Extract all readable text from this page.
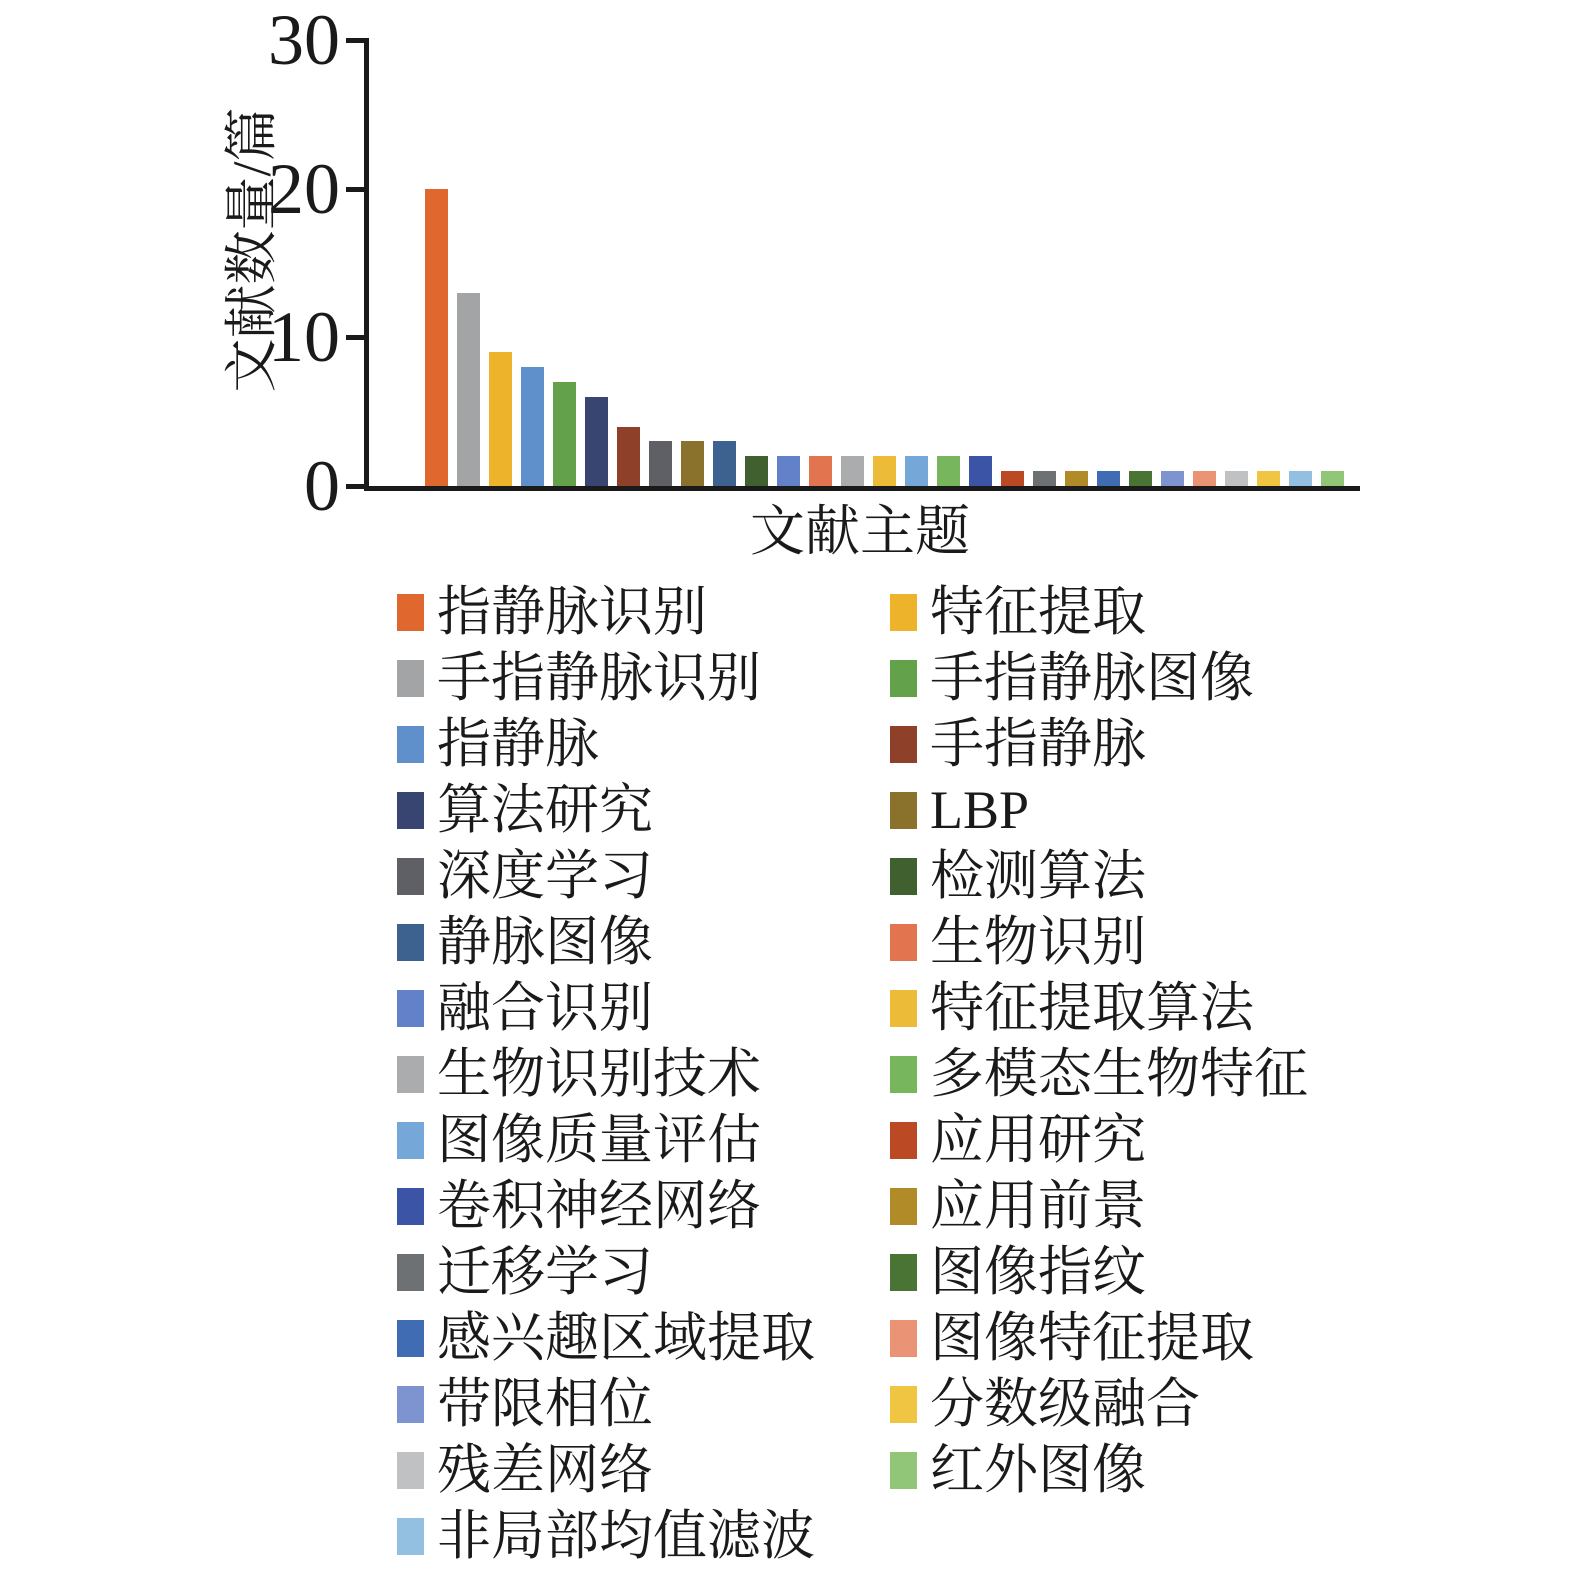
文献数量/篇
0
10
20
30
文献主题
指静脉识别
手指静脉识别
指静脉
算法研究
深度学习
静脉图像
融合识别
生物识别技术
图像质量评估
卷积神经网络
迁移学习
感兴趣区域提取
带限相位
残差网络
非局部均值滤波
特征提取
手指静脉图像
手指静脉
LBP
检测算法
生物识别
特征提取算法
多模态生物特征
应用研究
应用前景
图像指纹
图像特征提取
分数级融合
红外图像
